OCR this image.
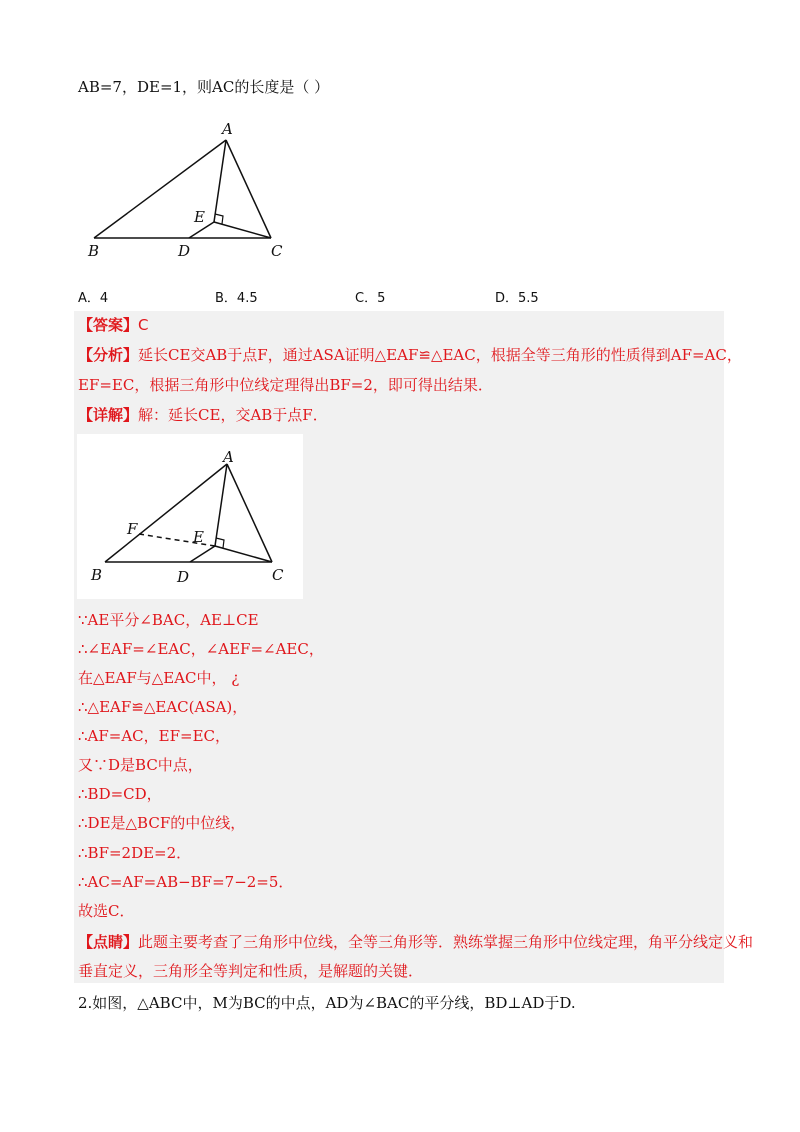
AB=7，DE=1，则AC的长度是（ ）
A
B	C
D
E
A．4	B．4.5	C．5	D．5.5
【答案】C
【分析】延长CE交AB于点F，通过ASA证明△EAF≌△EAC，根据全等三角形的性质得到AF=AC，
EF=EC，根据三角形中位线定理得出BF=2，即可得出结果．
【详解】解：延长CE，交AB于点F．
A
B	C
D
E
F
∵AE平分∠BAC，AE⊥CE
∴∠EAF=∠EAC，∠AEF=∠AEC，
在△EAF与△EAC中， ¿
∴△EAF≌△EAC(ASA)，
∴AF=AC，EF=EC，
又∵D是BC中点，
∴BD=CD，
∴DE是△BCF的中位线，
∴BF=2DE=2．
∴AC=AF=AB−BF=7−2=5．
故选C．
【点睛】此题主要考查了三角形中位线，全等三角形等．熟练掌握三角形中位线定理，角平分线定义和
垂直定义，三角形全等判定和性质，是解题的关键．
2.如图，△ABC中，M为BC的中点，AD为∠BAC的平分线，BD⊥AD于D.
